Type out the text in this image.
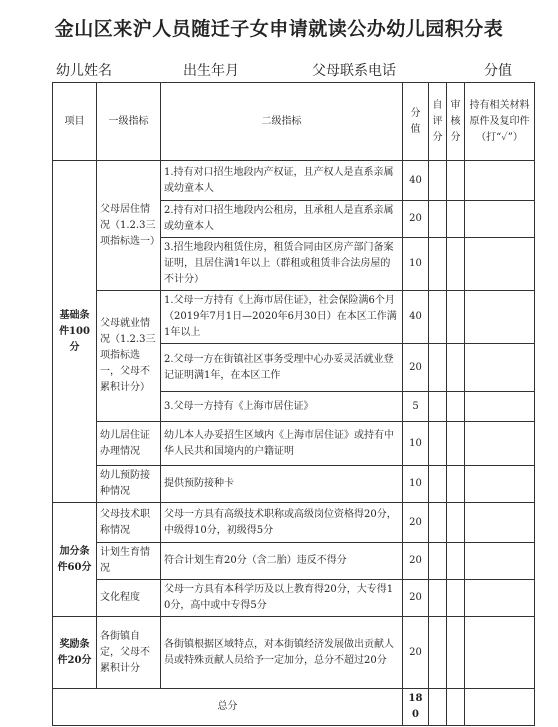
金山区来沪人员随迁子女申请就读公办幼儿园积分表
幼儿姓名	出生年月	父母联系电话	分值
项目	一级指标	二级指标	分值	自评分	审核分	持有相关材料原件及复印件（打“✓”）
基础条件100分	父母居住情况（1.2.3三项指标选一）	1.持有对口招生地段内产权证，且产权人是直系亲属或幼童本人	40			
		2.持有对口招生地段内公租房，且承租人是直系亲属或幼童本人	20			
		3.招生地段内租赁住房，租赁合同由区房产部门备案证明，且居住满1年以上（群租或租赁非合法房屋的不计分）	10			
	父母就业情况（1.2.3三项指标选一，父母不累积计分）	1.父母一方持有《上海市居住证》，社会保险满6个月（2019年7月1日—2020年6月30日）在本区工作满1年以上	40			
		2.父母一方在街镇社区事务受理中心办妥灵活就业登记证明满1年，在本区工作	20			
		3.父母一方持有《上海市居住证》	5			
	幼儿居住证办理情况	幼儿本人办妥招生区域内《上海市居住证》或持有中华人民共和国境内的户籍证明	10			
	幼儿预防接种情况	提供预防接种卡	10			
加分条件60分	父母技术职称情况	父母一方具有高级技术职称或高级岗位资格得20分，中级得10分，初级得5分	20			
	计划生育情况	符合计划生育20分（含二胎）违反不得分	20			
	文化程度	父母一方具有本科学历及以上教育得20分，大专得10分，高中或中专得5分	20			
奖励条件20分	各街镇自定，父母不累积计分	各街镇根据区域特点，对本街镇经济发展做出贡献人员或特殊贡献人员给予一定加分，总分不超过20分	20			
总分			180			
